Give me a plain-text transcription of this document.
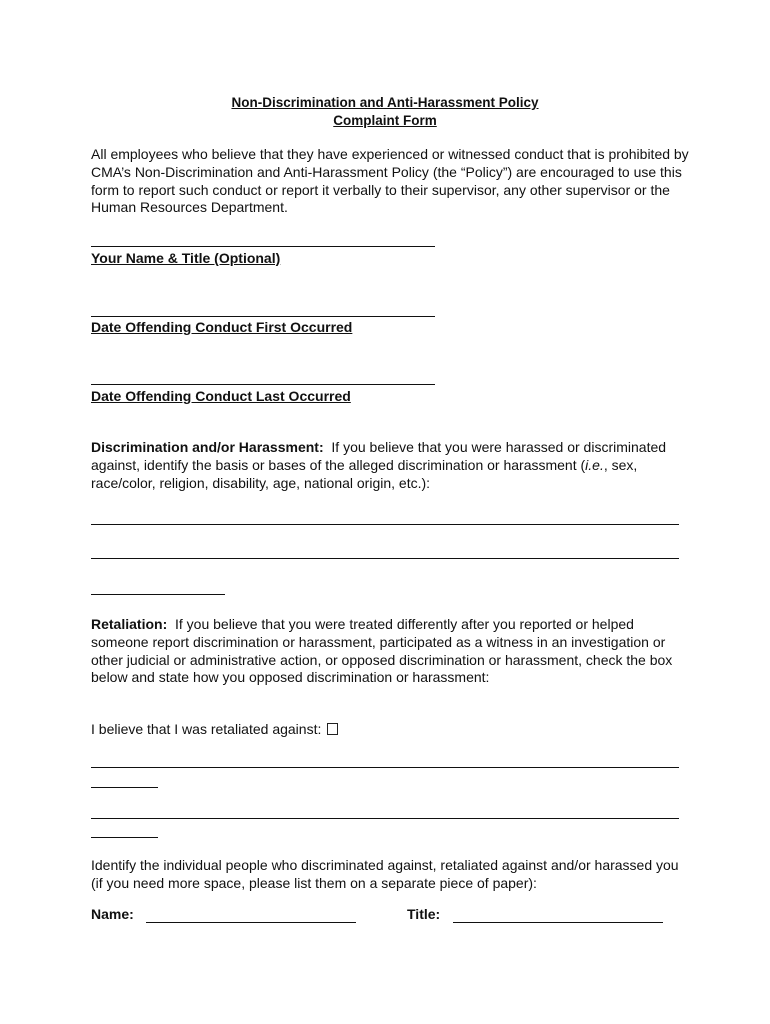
Non-Discrimination and Anti-Harassment Policy
Complaint Form
All employees who believe that they have experienced or witnessed conduct that is prohibited by CMA’s Non-Discrimination and Anti-Harassment Policy (the “Policy”) are encouraged to use this form to report such conduct or report it verbally to their supervisor, any other supervisor or the Human Resources Department.
Your Name & Title (Optional)
Date Offending Conduct First Occurred
Date Offending Conduct Last Occurred
Discrimination and/or Harassment: If you believe that you were harassed or discriminated against, identify the basis or bases of the alleged discrimination or harassment (i.e., sex, race/color, religion, disability, age, national origin, etc.):
Retaliation: If you believe that you were treated differently after you reported or helped someone report discrimination or harassment, participated as a witness in an investigation or other judicial or administrative action, or opposed discrimination or harassment, check the box below and state how you opposed discrimination or harassment:
I believe that I was retaliated against:
Identify the individual people who discriminated against, retaliated against and/or harassed you (if you need more space, please list them on a separate piece of paper):
Name:	Title:
